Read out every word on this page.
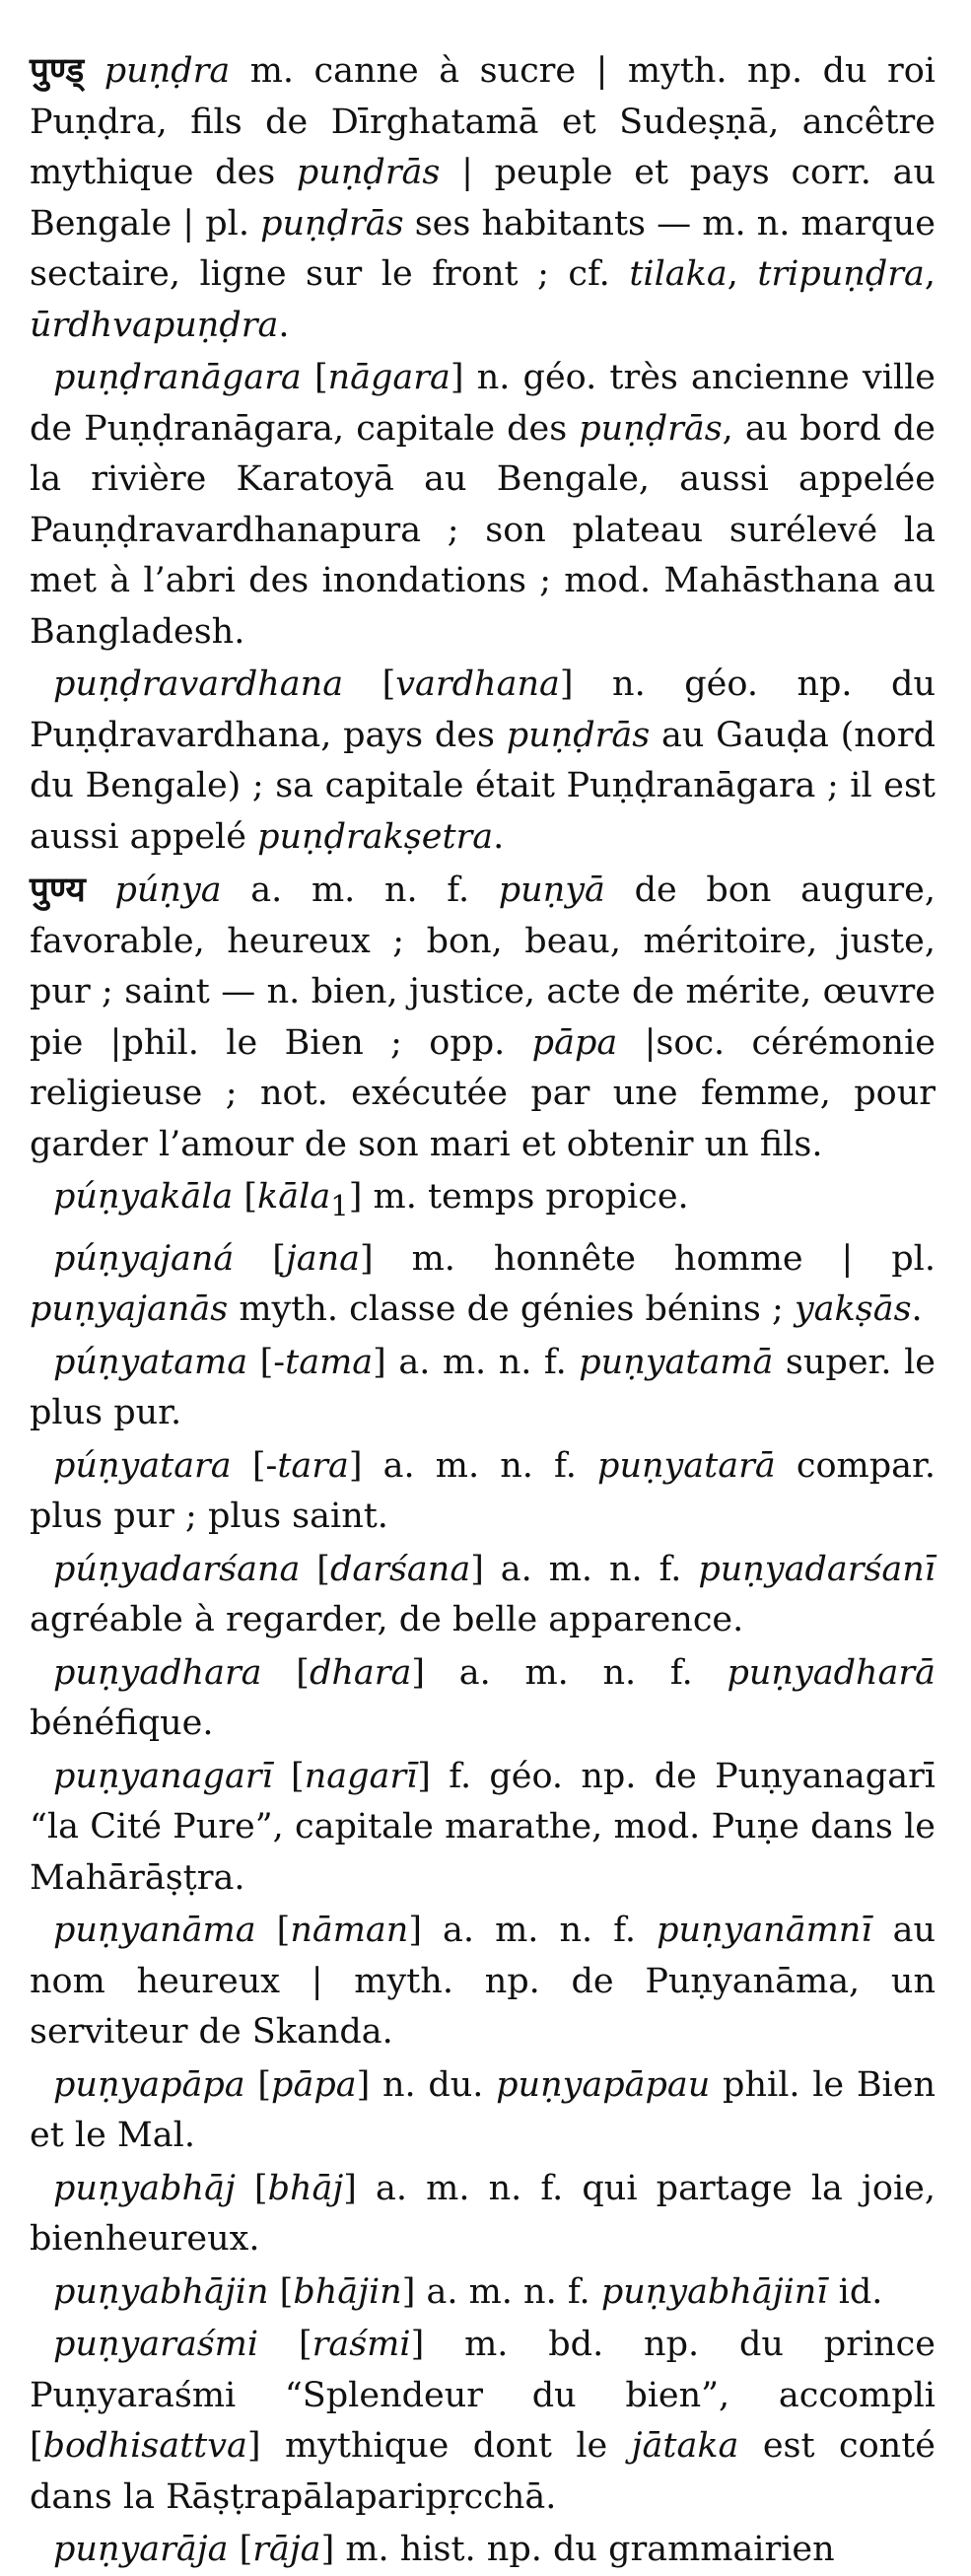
पुण्ड् puṇḍra m. canne à sucre | myth. np. du roi Puṇḍra, fils de Dīrghatamā et Sudeṣṇā, ancêtre mythique des puṇḍrās | peuple et pays corr. au Bengale | pl. puṇḍrās ses habitants — m. n. marque sectaire, ligne sur le front ; cf. tilaka, tripuṇḍra, ūrdhvapuṇḍra.

puṇḍranāgara [nāgara] n. géo. très ancienne ville de Puṇḍranāgara, capitale des puṇḍrās, au bord de la rivière Karatoyā au Bengale, aussi appelée Pauṇḍravardhanapura ; son plateau surélevé la met à l’abri des inondations ; mod. Mahāsthana au Bangladesh.

puṇḍravardhana [vardhana] n. géo. np. du Puṇḍravardhana, pays des puṇḍrās au Gauḍa (nord du Bengale) ; sa capitale était Puṇḍranāgara ; il est aussi appelé puṇḍrakṣetra.

पुण्य púṇya a. m. n. f. puṇyā de bon augure, favorable, heureux ; bon, beau, méritoire, juste, pur ; saint — n. bien, justice, acte de mérite, œuvre pie |phil. le Bien ; opp. pāpa |soc. cérémonie religieuse ; not. exécutée par une femme, pour garder l’amour de son mari et obtenir un fils.

púṇyakāla [kāla$_1$] m. temps propice.

púṇyajaná [jana] m. honnête homme | pl. puṇyajanās myth. classe de génies bénins ; yakṣās.

púṇyatama [-tama] a. m. n. f. puṇyatamā super. le plus pur.

púṇyatara [-tara] a. m. n. f. puṇyatarā compar. plus pur ; plus saint.

púṇyadarśana [darśana] a. m. n. f. puṇyadarśanī agréable à regarder, de belle apparence.

puṇyadhara [dhara] a. m. n. f. puṇyadharā bénéfique.

puṇyanagarī [nagarī] f. géo. np. de Puṇyanagarī “la Cité Pure”, capitale marathe, mod. Puṇe dans le Mahārāṣṭra.

puṇyanāma [nāman] a. m. n. f. puṇyanāmnī au nom heureux | myth. np. de Puṇyanāma, un serviteur de Skanda.

puṇyapāpa [pāpa] n. du. puṇyapāpau phil. le Bien et le Mal.

puṇyabhāj [bhāj] a. m. n. f. qui partage la joie, bienheureux.

puṇyabhājin [bhājin] a. m. n. f. puṇyabhājinī id.

puṇyaraśmi [raśmi] m. bd. np. du prince Puṇyaraśmi “Splendeur du bien”, accompli [bodhisattva] mythique dont le jātaka est conté dans la Rāṣṭrapālaparipṛcchā.

puṇyarāja [rāja] m. hist. np. du grammairien
